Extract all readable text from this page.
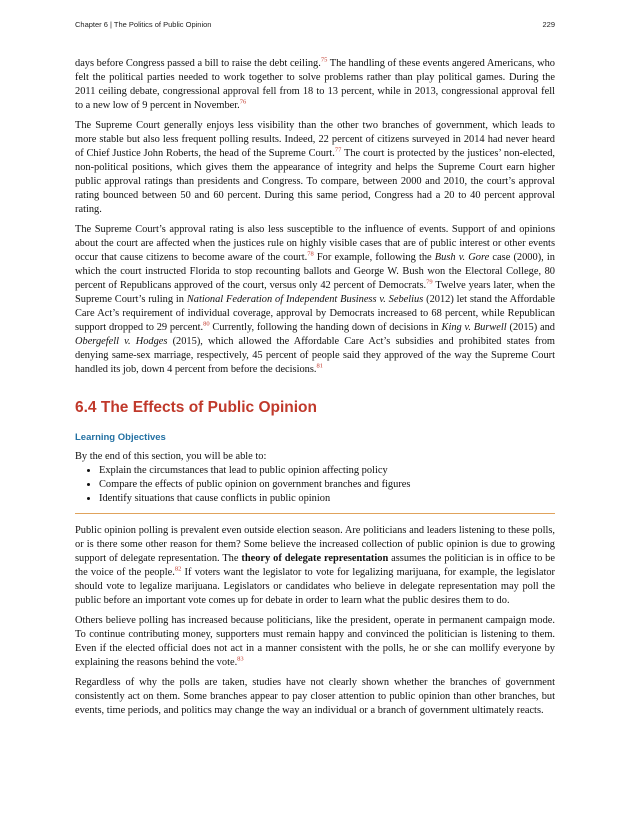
Chapter 6 | The Politics of Public Opinion	229

days before Congress passed a bill to raise the debt ceiling.$^{75}$ The handling of these events angered Americans, who felt the political parties needed to work together to solve problems rather than play political games. During the 2011 ceiling debate, congressional approval fell from 18 to 13 percent, while in 2013, congressional approval fell to a new low of 9 percent in November.$^{76}$

The Supreme Court generally enjoys less visibility than the other two branches of government, which leads to more stable but also less frequent polling results. Indeed, 22 percent of citizens surveyed in 2014 had never heard of Chief Justice John Roberts, the head of the Supreme Court.$^{77}$ The court is protected by the justices’ non-elected, non-political positions, which gives them the appearance of integrity and helps the Supreme Court earn higher public approval ratings than presidents and Congress. To compare, between 2000 and 2010, the court’s approval rating bounced between 50 and 60 percent. During this same period, Congress had a 20 to 40 percent approval rating.

The Supreme Court’s approval rating is also less susceptible to the influence of events. Support of and opinions about the court are affected when the justices rule on highly visible cases that are of public interest or other events occur that cause citizens to become aware of the court.$^{78}$ For example, following the Bush v. Gore case (2000), in which the court instructed Florida to stop recounting ballots and George W. Bush won the Electoral College, 80 percent of Republicans approved of the court, versus only 42 percent of Democrats.$^{79}$ Twelve years later, when the Supreme Court’s ruling in National Federation of Independent Business v. Sebelius (2012) let stand the Affordable Care Act’s requirement of individual coverage, approval by Democrats increased to 68 percent, while Republican support dropped to 29 percent.$^{80}$ Currently, following the handing down of decisions in King v. Burwell (2015) and Obergefell v. Hodges (2015), which allowed the Affordable Care Act’s subsidies and prohibited states from denying same-sex marriage, respectively, 45 percent of people said they approved of the way the Supreme Court handled its job, down 4 percent from before the decisions.$^{81}$

6.4 The Effects of Public Opinion
Learning Objectives
By the end of this section, you will be able to:
• Explain the circumstances that lead to public opinion affecting policy
• Compare the effects of public opinion on government branches and figures
• Identify situations that cause conflicts in public opinion

Public opinion polling is prevalent even outside election season. Are politicians and leaders listening to these polls, or is there some other reason for them? Some believe the increased collection of public opinion is due to growing support of delegate representation. The theory of delegate representation assumes the politician is in office to be the voice of the people.$^{82}$ If voters want the legislator to vote for legalizing marijuana, for example, the legislator should vote to legalize marijuana. Legislators or candidates who believe in delegate representation may poll the public before an important vote comes up for debate in order to learn what the public desires them to do.

Others believe polling has increased because politicians, like the president, operate in permanent campaign mode. To continue contributing money, supporters must remain happy and convinced the politician is listening to them. Even if the elected official does not act in a manner consistent with the polls, he or she can mollify everyone by explaining the reasons behind the vote.$^{83}$

Regardless of why the polls are taken, studies have not clearly shown whether the branches of government consistently act on them. Some branches appear to pay closer attention to public opinion than other branches, but events, time periods, and politics may change the way an individual or a branch of government ultimately reacts.
